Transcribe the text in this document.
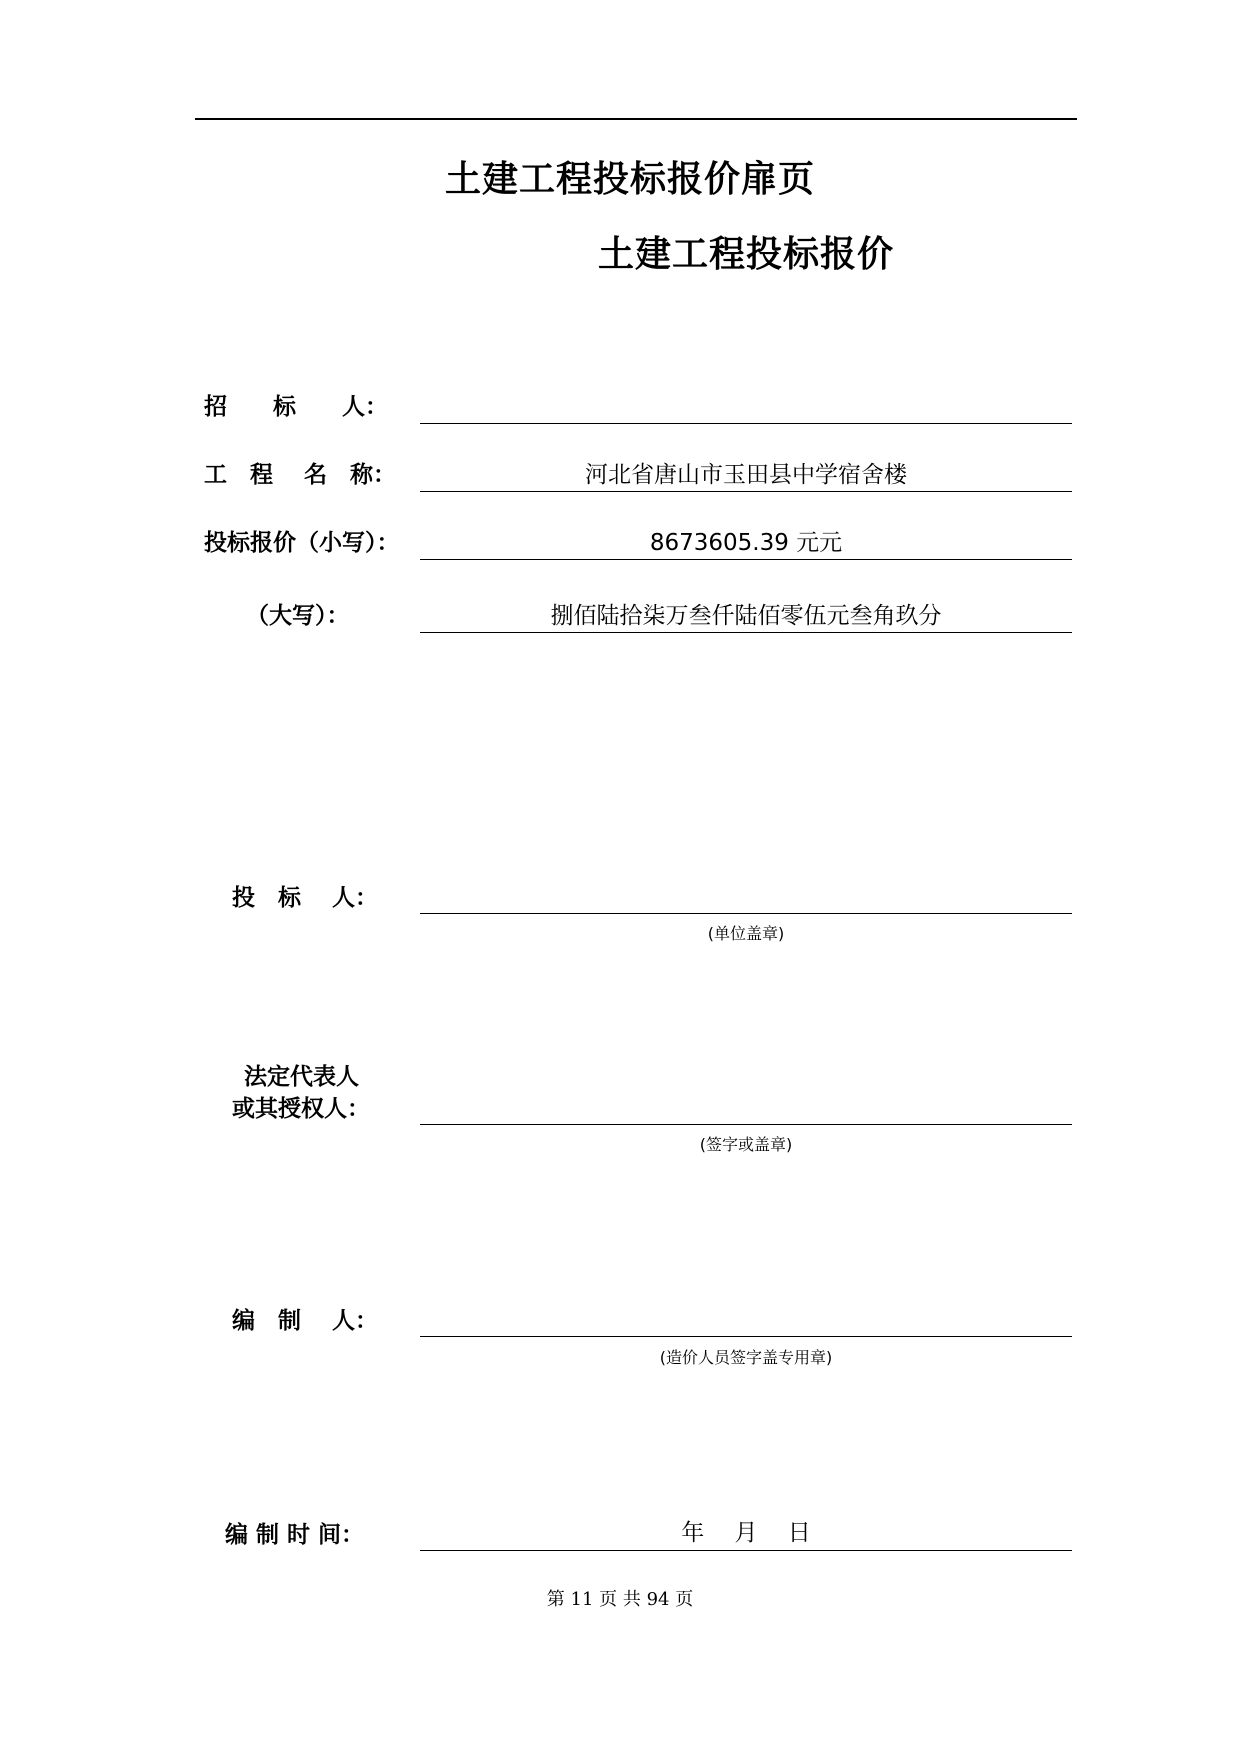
土建工程投标报价扉页
土建工程投标报价
招　　标　　人：
工　程　 名　称：	河北省唐山市玉田县中学宿舍楼
投标报价（小写）：	8673605.39 元元
（大写）：	捌佰陆拾柒万叁仟陆佰零伍元叁角玖分
投　标　 人：
(单位盖章)
法定代表人
或其授权人：
(签字或盖章)
编　制　 人：
(造价人员签字盖专用章)
编 制 时 间：	年　 月　 日
第 11 页 共 94 页
